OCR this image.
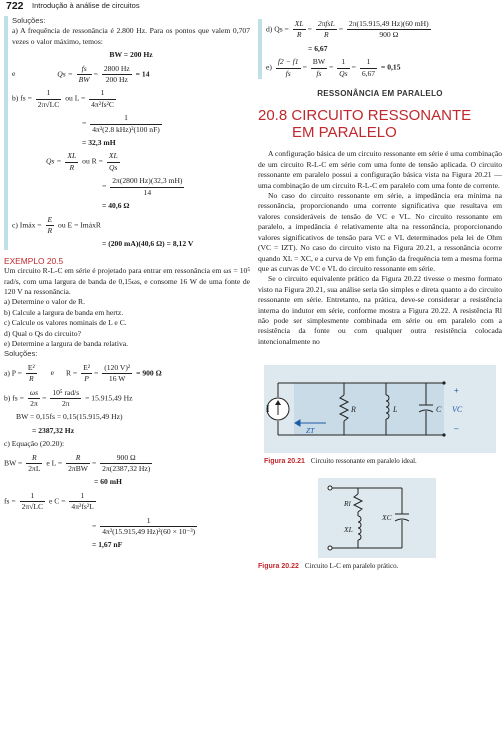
722 Introdução à análise de circuitos
Soluções:

a) A frequência de ressonância é 2.800 Hz. Para os pontos que valem 0,707 vezes o valor máximo, temos:

BW = 200 Hz
e	$Qs = \frac{fs}{BW} = \frac{2800 Hz}{200 Hz} = 14$
b) fs = $\frac{1}{2\pi√LC}$ ou $L = \frac{1}{\text{4π²fs²C}}$
= $\frac{1}{\text{4π²(2.8 kHz)²(100 nF)}}$
= 32,3 mH
$Qs = \frac{XL}{R}$ ou $R = \frac{XL}{Qs}$
= $\frac{2\pi(2800 Hz)(32,3 mH)}{14}$
= 40,6 Ω
c) Imáx = $\frac{E}{R}$ ou E = ImáxR
= (200 mA)(40,6 Ω) = 8,12 V
EXEMPLO 20.5

Um circuito R-L-C em série é projetado para entrar em ressonância em ωs = 10⁵ rad/s, com uma largura de banda de 0,15ωs, e consome 16 W de uma fonte de 120 V na ressonância.

a) Determine o valor de R.
b) Calcule a largura de banda em hertz.
c) Calcule os valores nominais de L e C.
d) Qual o Qs do circuito?
e) Determine a largura de banda relativa.
Soluções:
a) $P = \frac{\text{E²}}{R}$ e $R = \frac{\text{E²}}{P} = \frac{\text{(120 V)²}}{16 W} = 900$ Ω
b) fs = $\frac{\omega s}{2\pi} = \frac{\text{10⁵ rad/s}}{2\pi} = 15.915,49$ Hz
BW = 0,15fs = 0,15(15.915,49 Hz)
= 2387,32 Hz
c) Equação (20.20):
BW = $\frac{R}{2\pi L}$ e $L = \frac{R}{\text{2πBW}} = \frac{900 \Omega}{2\pi(2387,32 Hz)}$
= 60 mH
fs = $\frac{1}{2\pi√LC}$ e $C = \frac{1}{\text{4π²fs²L}}$
= $\frac{1}{\text{4π²(15.915,49 Hz)²(60 × 10⁻³)}}$
= 1,67 nF
d) $Qs = \frac{XL}{R} = \frac{\text{2πfsL}}{R} = \frac{2\pi(15.915,49 Hz)(60 mH)}{900 \Omega}$
= 6,67
$e) \frac{f2 - f1}{fs} = \frac{BW}{fs} = \frac{1}{Qs} = \frac{1}{6,67} = 0,15$
RESSONÂNCIA EM PARALELO
20.8 CIRCUITO RESSONANTE
EM PARALELO

A configuração básica de um circuito ressonante em série é uma combinação de um circuito R-L-C em série com uma fonte de tensão aplicada. O circuito ressonante em paralelo possui a configuração básica vista na Figura 20.21 — uma combinação de um circuito R-L-C em paralelo com uma fonte de corrente.

No caso do circuito ressonante em série, a impedância era mínima na ressonância, proporcionando uma corrente significativa que resultava em valores consideráveis de tensão de VC e VL. No circuito ressonante em paralelo, a impedância é relativamente alta na ressonância, proporcionando valores significativos de tensão para VC e VL determinados pela lei de Ohm (VC = IZT). No caso do circuito visto na Figura 20.21, a ressonância ocorre quando XL = XC, e a curva de Vp em função da frequência tem a mesma forma que as curvas de VC e VL do circuito ressonante em série.

Se o circuito equivalente prático da Figura 20.22 tivesse o mesmo formato visto na Figura 20.21, sua análise seria tão simples e direta quanto a do circuito ressonante em série. Entretanto, na prática, deve-se considerar a resistência interna do indutor em série, conforme mostra a Figura 20.22. A resistência Rl não pode ser simplesmente combinada em série ou em paralelo com a resistência da fonte ou com qualquer outra resistência colocada intencionalmente no

I	R	L	C VC
+
–
ZT
Figura 20.21 Circuito ressonante em paralelo ideal.
Rl
XL
XC
Figura 20.22 Circuito L-C em paralelo prático.
